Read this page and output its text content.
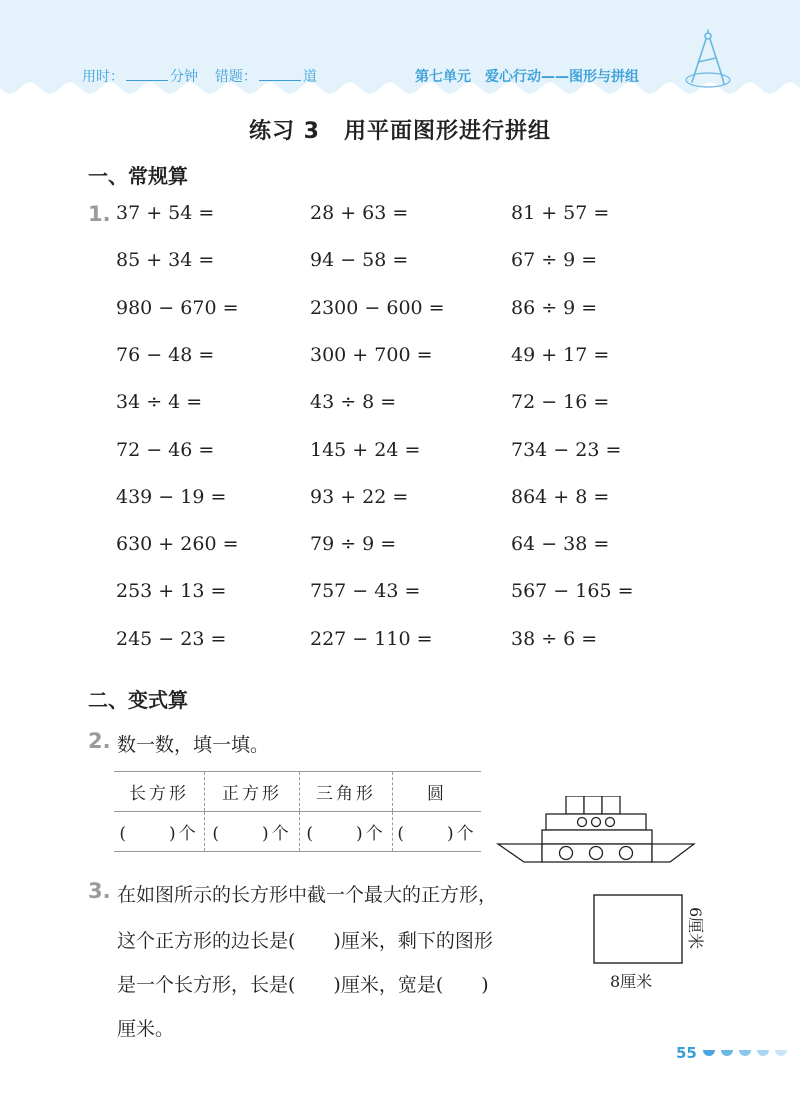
用时：	分钟 错题：	道	第七单元 爱心行动——图形与拼组
练习 3 用平面图形进行拼组
一、常规算
1. 37 + 54 =	28 + 63 =	81 + 57 =
85 + 34 =	94 − 58 =	67 ÷ 9 =
980 − 670 =	2300 − 600 =	86 ÷ 9 =
76 − 48 =	300 + 700 =	49 + 17 =
34 ÷ 4 =	43 ÷ 8 =	72 − 16 =
72 − 46 =	145 + 24 =	734 − 23 =
439 − 19 =	93 + 22 =	864 + 8 =
630 + 260 =	79 ÷ 9 =	64 − 38 =
253 + 13 =	757 − 43 =	567 − 165 =
245 − 23 =	227 − 110 =	38 ÷ 6 =
二、变式算
2. 数一数，填一填。
长方形	正方形	三角形	圆
(　　)个	(　　)个	(　　)个	(　　)个
3. 在如图所示的长方形中截一个最大的正方形，
这个正方形的边长是(　　)厘米，剩下的图形
是一个长方形，长是(　　)厘米，宽是(　　)
厘米。
8厘米
6厘米
55
